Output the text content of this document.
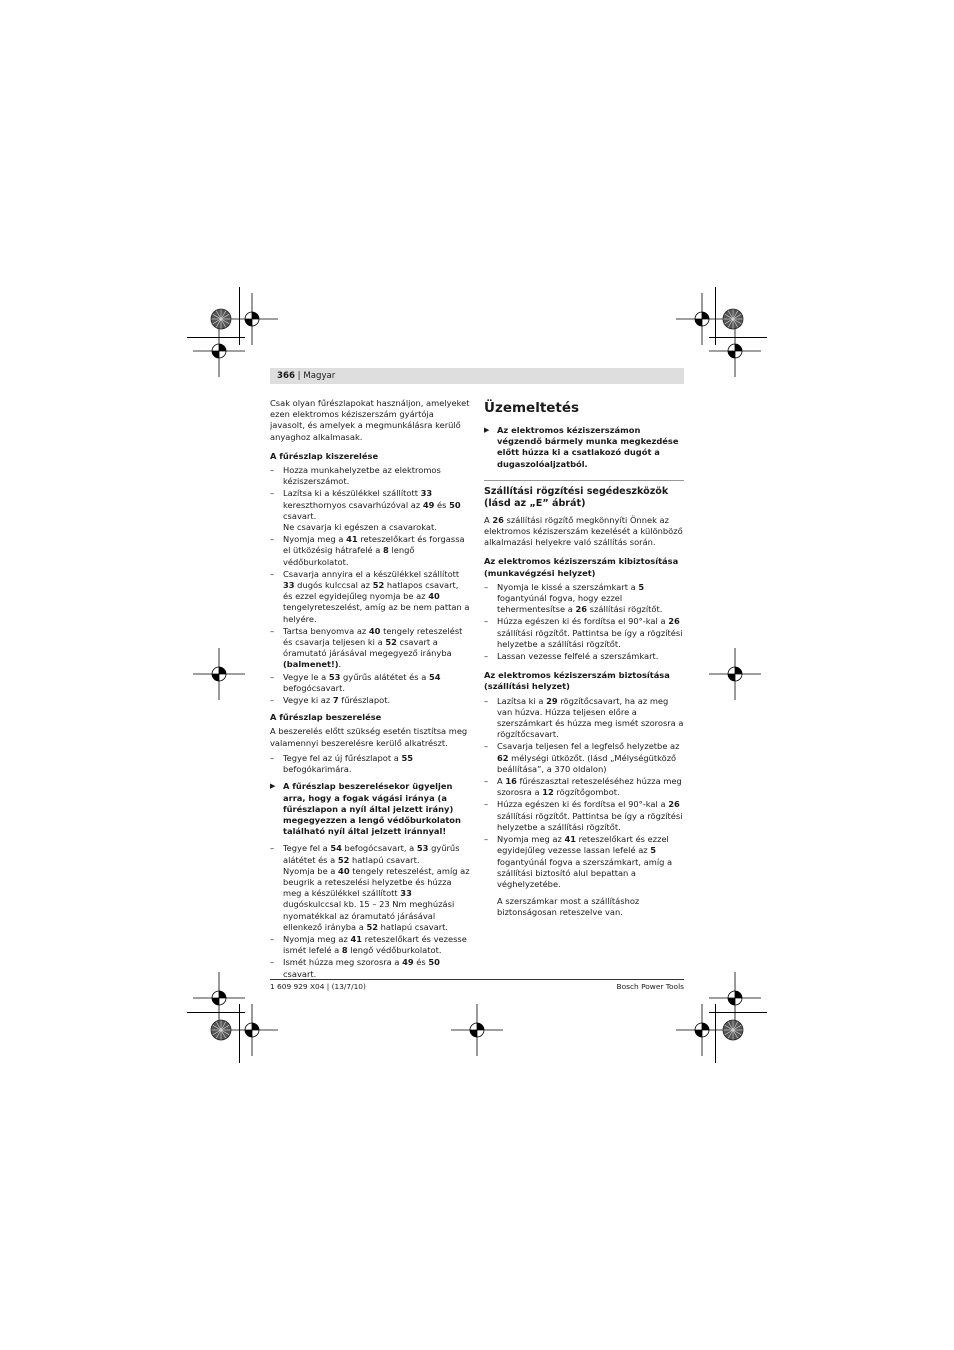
366 | Magyar

Csak olyan fűrészlapokat használjon, amelyeket ezen elektromos kéziszerszám gyártója javasolt, és amelyek a megmunkálásra kerülő anyaghoz alkalmasak.

A fűrészlap kiszerelése
– Hozza munkahelyzetbe az elektromos kéziszerszámot.
– Lazítsa ki a készülékkel szállított 33 kereszthornyos csavarhúzóval az 49 és 50 csavart.
Ne csavarja ki egészen a csavarokat.
– Nyomja meg a 41 reteszelőkart és forgassa el ütközésig hátrafelé a 8 lengő védőburkolatot.
– Csavarja annyira el a készülékkel szállított 33 dugós kulccsal az 52 hatlapos csavart, és ezzel egyidejűleg nyomja be az 40 tengelyreteszelést, amíg az be nem pattan a helyére.
– Tartsa benyomva az 40 tengely reteszelést és csavarja teljesen ki a 52 csavart a óramutató járásával megegyező irányba (balmenet!).
– Vegye le a 53 gyűrűs alátétet és a 54 befogócsavart.
– Vegye ki az 7 fűrészlapot.
A fűrészlap beszerelése

A beszerelés előtt szükség esetén tisztítsa meg valamennyi beszerelésre kerülő alkatrészt.

– Tegye fel az új fűrészlapot a 55 befogókarimára.
▶ A fűrészlap beszerelésekor ügyeljen arra, hogy a fogak vágási iránya (a fűrészlapon a nyíl által jelzett irány) megegyezzen a lengő védőburkolaton található nyíl által jelzett iránnyal!
– Tegye fel a 54 befogócsavart, a 53 gyűrűs alátétet és a 52 hatlapú csavart.
Nyomja be a 40 tengely reteszelést, amíg az beugrik a reteszelési helyzetbe és húzza meg a készülékkel szállított 33 dugóskulccsal kb. 15 – 23 Nm meghúzási nyomatékkal az óramutató járásával ellenkező irányba a 52 hatlapú csavart.
– Nyomja meg az 41 reteszelőkart és vezesse ismét lefelé a 8 lengő védőburkolatot.
– Ismét húzza meg szorosra a 49 és 50 csavart.
Üzemeltetés
▶ Az elektromos kéziszerszámon végzendő bármely munka megkezdése előtt húzza ki a csatlakozó dugót a dugaszolóaljzatból.
Szállítási rögzítési segédeszközök (lásd az „E” ábrát)

A 26 szállítási rögzítő megkönnyíti Önnek az elektromos kéziszerszám kezelését a különböző alkalmazási helyekre való szállítás során.

Az elektromos kéziszerszám kibiztosítása (munkavégzési helyzet)
– Nyomja le kissé a szerszámkart a 5 fogantyúnál fogva, hogy ezzel tehermentesítse a 26 szállítási rögzítőt.
– Húzza egészen ki és fordítsa el 90°-kal a 26 szállítási rögzítőt. Pattintsa be így a rögzítési helyzetbe a szállítási rögzítőt.
– Lassan vezesse felfelé a szerszámkart.
Az elektromos kéziszerszám biztosítása (szállítási helyzet)
– Lazítsa ki a 29 rögzítőcsavart, ha az meg van húzva. Húzza teljesen előre a szerszámkart és húzza meg ismét szorosra a rögzítőcsavart.
– Csavarja teljesen fel a legfelső helyzetbe az 62 mélységi ütközőt. (lásd „Mélységütköző beállítása”, a 370 oldalon)
– A 16 fűrészasztal reteszeléséhez húzza meg szorosra a 12 rögzítőgombot.
– Húzza egészen ki és fordítsa el 90°-kal a 26 szállítási rögzítőt. Pattintsa be így a rögzítési helyzetbe a szállítási rögzítőt.
– Nyomja meg az 41 reteszelőkart és ezzel egyidejűleg vezesse lassan lefelé az 5 fogantyúnál fogva a szerszámkart, amíg a szállítási biztosító alul bepattan a véghelyzetébe.

A szerszámkar most a szállításhoz biztonságosan reteszelve van.

1 609 929 X04 | (13/7/10)	Bosch Power Tools
